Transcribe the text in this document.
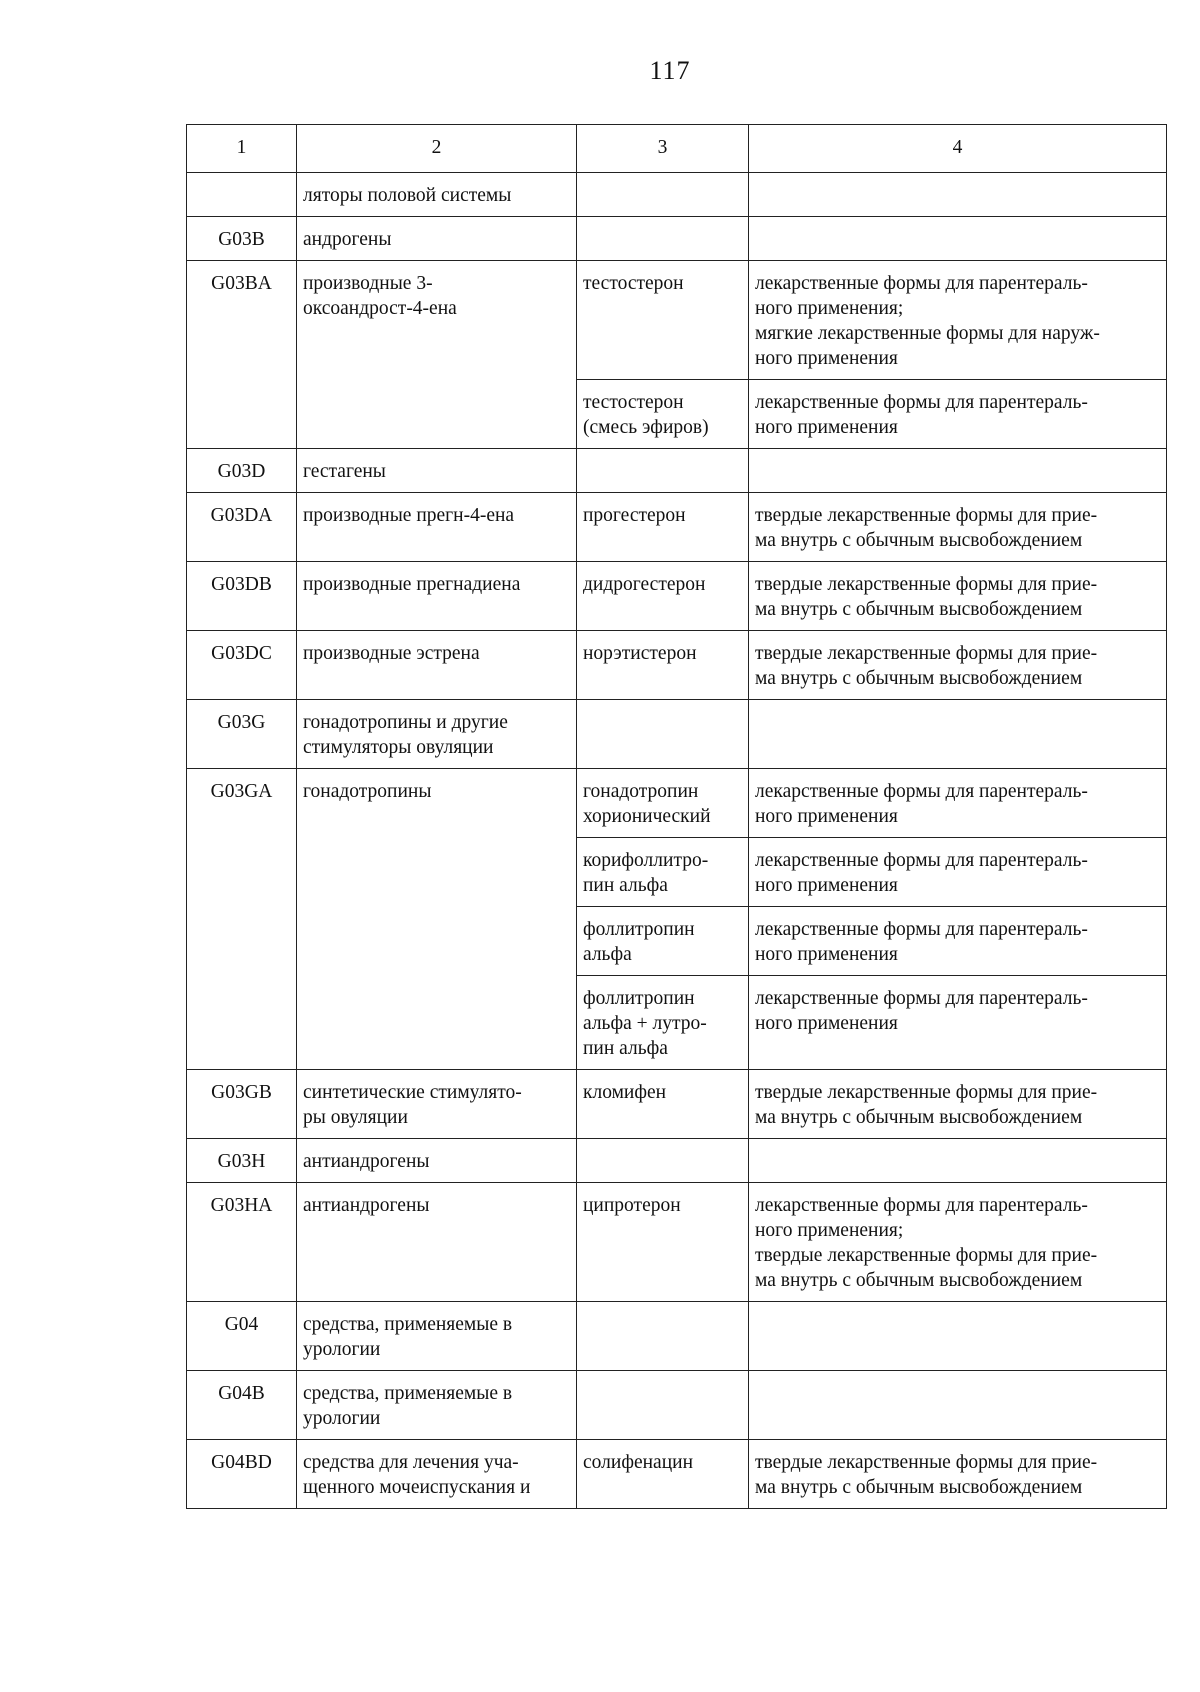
117
1	2	3	4

	ляторы половой системы		

G03B	андрогены		

G03BA	производные 3-
оксоандрост-4-ена	тестостерон	лекарственные формы для парентераль-
ного применения;
мягкие лекарственные формы для наруж-
ного применения

		тестостерон
(смесь эфиров)	лекарственные формы для парентераль-
ного применения

G03D	гестагены		

G03DA	производные прегн-4-ена	прогестерон	твердые лекарственные формы для прие-
ма внутрь с обычным высвобождением

G03DB	производные прегнадиена	дидрогестерон	твердые лекарственные формы для прие-
ма внутрь с обычным высвобождением

G03DC	производные эстрена	норэтистерон	твердые лекарственные формы для прие-
ма внутрь с обычным высвобождением

G03G	гонадотропины и другие
стимуляторы овуляции		

G03GA	гонадотропины	гонадотропин
хорионический	лекарственные формы для парентераль-
ного применения

		корифоллитро-
пин альфа	лекарственные формы для парентераль-
ного применения

		фоллитропин
альфа	лекарственные формы для парентераль-
ного применения

		фоллитропин
альфа + лутро-
пин альфа	лекарственные формы для парентераль-
ного применения

G03GB	синтетические стимулято-
ры овуляции	кломифен	твердые лекарственные формы для прие-
ма внутрь с обычным высвобождением

G03H	антиандрогены		

G03HA	антиандрогены	ципротерон	лекарственные формы для парентераль-
ного применения;
твердые лекарственные формы для прие-
ма внутрь с обычным высвобождением

G04	средства, применяемые в
урологии		

G04B	средства, применяемые в
урологии		

G04BD	средства для лечения уча-
щенного мочеиспускания и	солифенацин	твердые лекарственные формы для прие-
ма внутрь с обычным высвобождением
